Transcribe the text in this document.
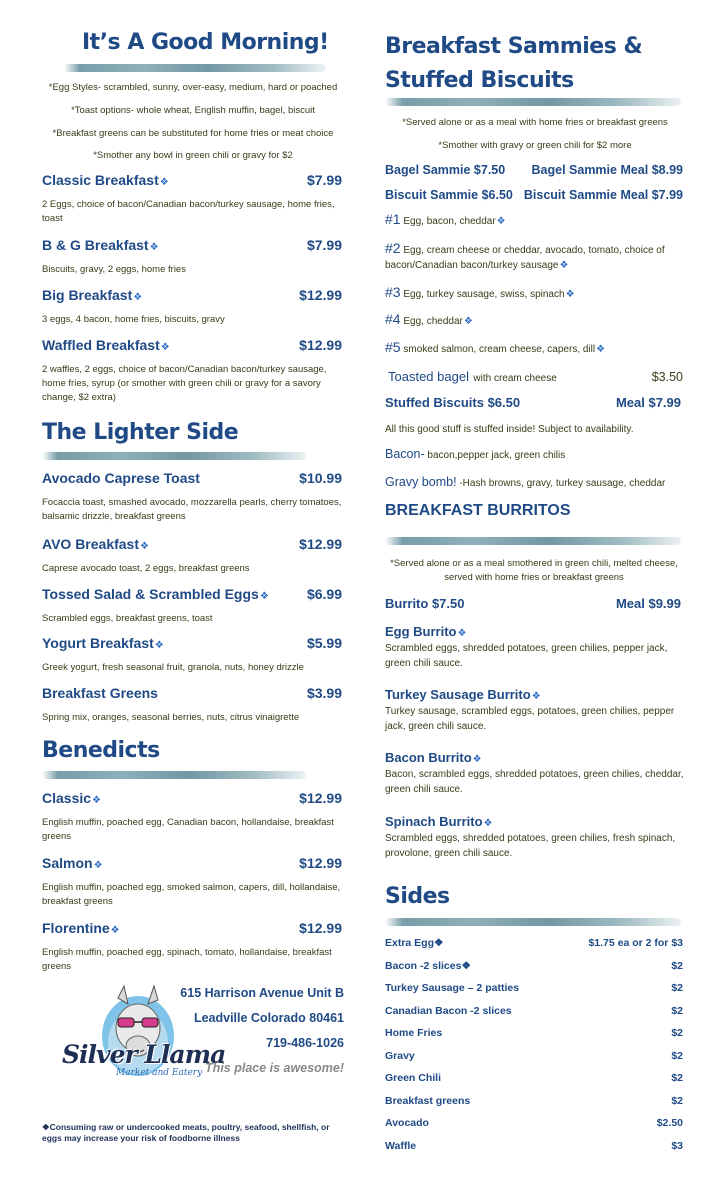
It’s A Good Morning!
*Egg Styles- scrambled, sunny, over-easy, medium, hard or poached
*Toast options- whole wheat, English muffin, bagel, biscuit
*Breakfast greens can be substituted for home fries or meat choice
*Smother any bowl in green chili or gravy for $2
Classic Breakfast❖	$7.99
2 Eggs, choice of bacon/Canadian bacon/turkey sausage, home fries, toast
B & G Breakfast❖	$7.99
Biscuits, gravy, 2 eggs, home fries
Big Breakfast❖	$12.99
3 eggs, 4 bacon, home fries, biscuits, gravy
Waffled Breakfast❖	$12.99
2 waffles, 2 eggs, choice of bacon/Canadian bacon/turkey sausage, home fries, syrup (or smother with green chili or gravy for a savory change, $2 extra)
The Lighter Side
Avocado Caprese Toast	$10.99
Focaccia toast, smashed avocado, mozzarella pearls, cherry tomatoes, balsamic drizzle, breakfast greens
AVO Breakfast❖	$12.99
Caprese avocado toast, 2 eggs, breakfast greens
Tossed Salad & Scrambled Eggs❖	$6.99
Scrambled eggs, breakfast greens, toast
Yogurt Breakfast❖	$5.99
Greek yogurt, fresh seasonal fruit, granola, nuts, honey drizzle
Breakfast Greens	$3.99
Spring mix, oranges, seasonal berries, nuts, citrus vinaigrette
Benedicts
Classic❖	$12.99
English muffin, poached egg, Canadian bacon, hollandaise, breakfast greens
Salmon❖	$12.99
English muffin, poached egg, smoked salmon, capers, dill, hollandaise, breakfast greens
Florentine❖	$12.99
English muffin, poached egg, spinach, tomato, hollandaise, breakfast greens
Silver Llama
Market and Eatery
615 Harrison Avenue Unit B
Leadville Colorado 80461
719-486-1026
This place is awesome!
❖Consuming raw or undercooked meats, poultry, seafood, shellfish, or eggs may increase your risk of foodborne illness
Breakfast Sammies &
Stuffed Biscuits
*Served alone or as a meal with home fries or breakfast greens
*Smother with gravy or green chili for $2 more
Bagel Sammie $7.50 Bagel Sammie Meal $8.99
Biscuit Sammie $6.50 Biscuit Sammie Meal $7.99
#1 Egg, bacon, cheddar❖
#2 Egg, cream cheese or cheddar, avocado, tomato, choice of bacon/Canadian bacon/turkey sausage❖
#3 Egg, turkey sausage, swiss, spinach❖
#4 Egg, cheddar❖
#5 smoked salmon, cream cheese, capers, dill❖
Toasted bagel with cream cheese	$3.50
Stuffed Biscuits $6.50	Meal $7.99
All this good stuff is stuffed inside! Subject to availability.
Bacon- bacon,pepper jack, green chilis
Gravy bomb! -Hash browns, gravy, turkey sausage, cheddar
BREAKFAST BURRITOS
*Served alone or as a meal smothered in green chili, melted cheese, served with home fries or breakfast greens
Burrito $7.50	Meal $9.99
Egg Burrito❖
Scrambled eggs, shredded potatoes, green chilies, pepper jack, green chili sauce.
Turkey Sausage Burrito❖
Turkey sausage, scrambled eggs, potatoes, green chilies, pepper jack, green chili sauce.
Bacon Burrito❖
Bacon, scrambled eggs, shredded potatoes, green chilies, cheddar, green chili sauce.
Spinach Burrito❖
Scrambled eggs, shredded potatoes, green chilies, fresh spinach, provolone, green chili sauce.
Sides
Extra Egg❖	$1.75 ea or 2 for $3
Bacon -2 slices❖	$2
Turkey Sausage – 2 patties	$2
Canadian Bacon -2 slices	$2
Home Fries	$2
Gravy	$2
Green Chili	$2
Breakfast greens	$2
Avocado	$2.50
Waffle	$3
